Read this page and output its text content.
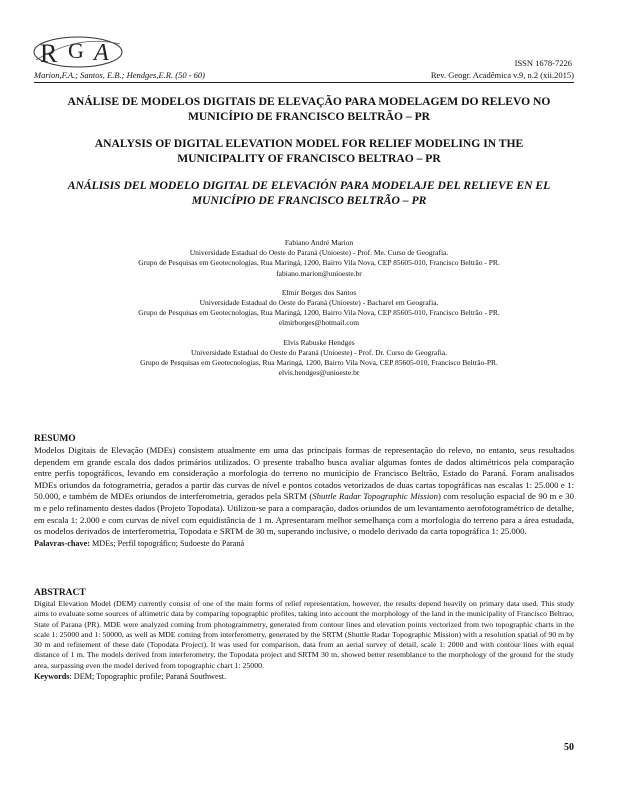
R G A	ISSN 1678-7226
Marion,F.A.; Santos, E.B.; Hendges,E.R. (50 - 60)	Rev. Geogr. Acadêmica v.9, n.2 (xii.2015)
ANÁLISE DE MODELOS DIGITAIS DE ELEVAÇÃO PARA MODELAGEM DO RELEVO NO MUNICÍPIO DE FRANCISCO BELTRÃO – PR
ANALYSIS OF DIGITAL ELEVATION MODEL FOR RELIEF MODELING IN THE MUNICIPALITY OF FRANCISCO BELTRAO – PR
ANÁLISIS DEL MODELO DIGITAL DE ELEVACIÓN PARA MODELAJE DEL RELIEVE EN EL MUNICÍPIO DE FRANCISCO BELTRÃO – PR
Fabiano André Marion
Universidade Estadual do Oeste do Paraná (Unioeste) - Prof. Me. Curso de Geografia.
Grupo de Pesquisas em Geotecnologias, Rua Maringá, 1200, Bairro Vila Nova, CEP 85605-010, Francisco Beltrão - PR.
fabiano.marion@unioeste.br
Elmir Borges dos Santos
Universidade Estadual do Oeste do Paraná (Unioeste) - Bacharel em Geografia.
Grupo de Pesquisas em Geotecnologias, Rua Maringá, 1200, Bairro Vila Nova, CEP 85605-010, Francisco Beltrão - PR.
elmirborges@hotmail.com
Elvis Rabuske Hendges
Universidade Estadual do Oeste do Paraná (Unioeste) - Prof. Dr. Curso de Geografia.
Grupo de Pesquisas em Geotecnologias, Rua Maringá, 1200, Bairro Vila Nova, CEP 85605-010, Francisco Beltrão-PR.
elvis.hendges@unioeste.br
RESUMO

Modelos Digitais de Elevação (MDEs) consistem atualmente em uma das principais formas de representação do relevo, no entanto, seus resultados dependem em grande escala dos dados primários utilizados. O presente trabalho busca avaliar algumas fontes de dados altimétricos pela comparação entre perfis topográficos, levando em consideração a morfologia do terreno no município de Francisco Beltrão, Estado do Paraná. Foram analisados MDEs oriundos da fotogrametria, gerados a partir das curvas de nível e pontos cotados vetorizados de duas cartas topográficas nas escalas 1: 25.000 e 1: 50.000, e também de MDEs oriundos de interferometria, gerados pela SRTM (Shuttle Radar Topographic Mission) com resolução espacial de 90 m e 30 m e pelo refinamento destes dados (Projeto Topodata). Utilizou-se para a comparação, dados oriundos de um levantamento aerofotogramétrico de detalhe, em escala 1: 2.000 e com curvas de nível com equidistância de 1 m. Apresentaram melhor semelhança com a morfologia do terreno para a área estudada, os modelos derivados de interferometria, Topodata e SRTM de 30 m, superando inclusive, o modelo derivado da carta topográfica 1: 25.000.

Palavras-chave: MDEs; Perfil topográfico; Sudoeste do Paraná
ABSTRACT

Digital Elevation Model (DEM) currently consist of one of the main forms of relief representation, however, the results depend heavily on primary data used. This study aims to evaluate some sources of altimetric data by comparing topographic profiles, taking into account the morphology of the land in the municipality of Francisco Beltrao, State of Parana (PR). MDE were analyzed coming from photogrammetry, generated from contour lines and elevation points vectorized from two topographic charts in the scale 1: 25000 and 1: 50000, as well as MDE coming from interferometry, generated by the SRTM (Shuttle Radar Topographic Mission) with a resolution spatial of 90 m by 30 m and refinement of these date (Topodata Project). It was used for comparison, data from an aerial survey of detail, scale 1: 2000 and with contour lines with equal distance of 1 m. The models derived from interferometry, the Topodata project and SRTM 30 m, showed better resemblance to the morphology of the ground for the study area, surpassing even the model derived from topographic chart 1: 25000.

Keywords: DEM; Topographic profile; Paraná Southwest.
50
